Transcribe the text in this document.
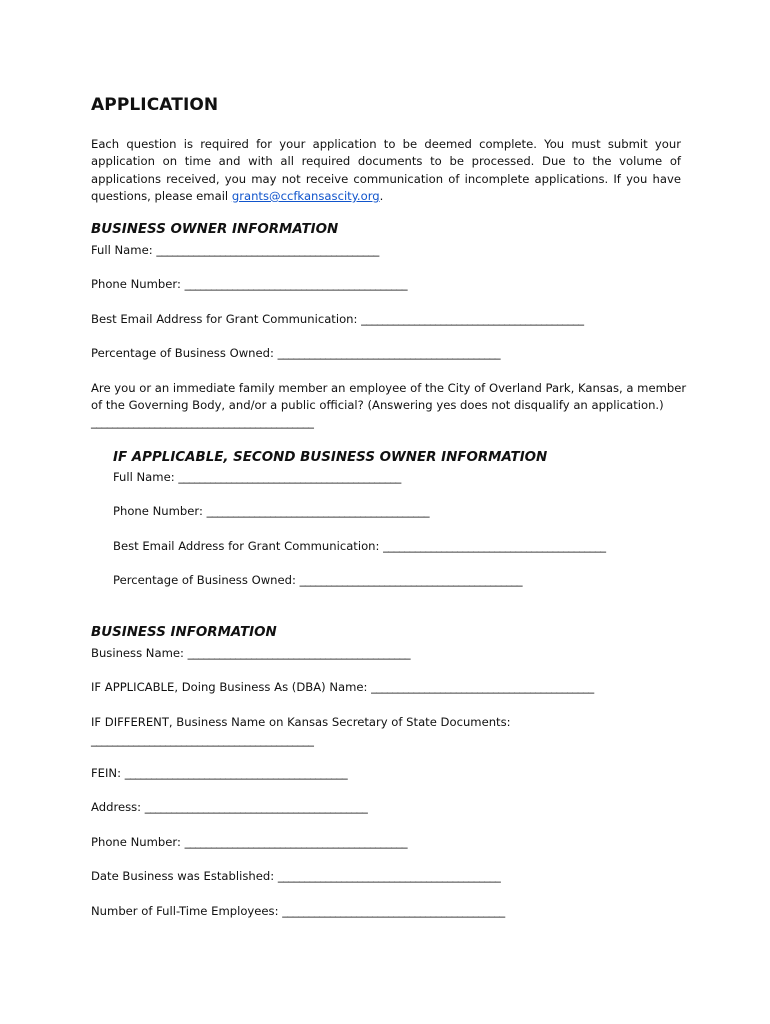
APPLICATION
Each question is required for your application to be deemed complete. You must submit your application on time and with all required documents to be processed. Due to the volume of applications received, you may not receive communication of incomplete applications. If you have questions, please email grants@ccfkansascity.org.
BUSINESS OWNER INFORMATION
Full Name: __________________________________________
Phone Number: __________________________________________
Best Email Address for Grant Communication: __________________________________________
Percentage of Business Owned: __________________________________________
Are you or an immediate family member an employee of the City of Overland Park, Kansas, a member of the Governing Body, and/or a public official? (Answering yes does not disqualify an application.)
__________________________________________
IF APPLICABLE, SECOND BUSINESS OWNER INFORMATION
Full Name: __________________________________________
Phone Number: __________________________________________
Best Email Address for Grant Communication: __________________________________________
Percentage of Business Owned: __________________________________________
BUSINESS INFORMATION
Business Name: __________________________________________
IF APPLICABLE, Doing Business As (DBA) Name: __________________________________________
IF DIFFERENT, Business Name on Kansas Secretary of State Documents:
__________________________________________
FEIN: __________________________________________
Address: __________________________________________
Phone Number: __________________________________________
Date Business was Established: __________________________________________
Number of Full-Time Employees: __________________________________________
